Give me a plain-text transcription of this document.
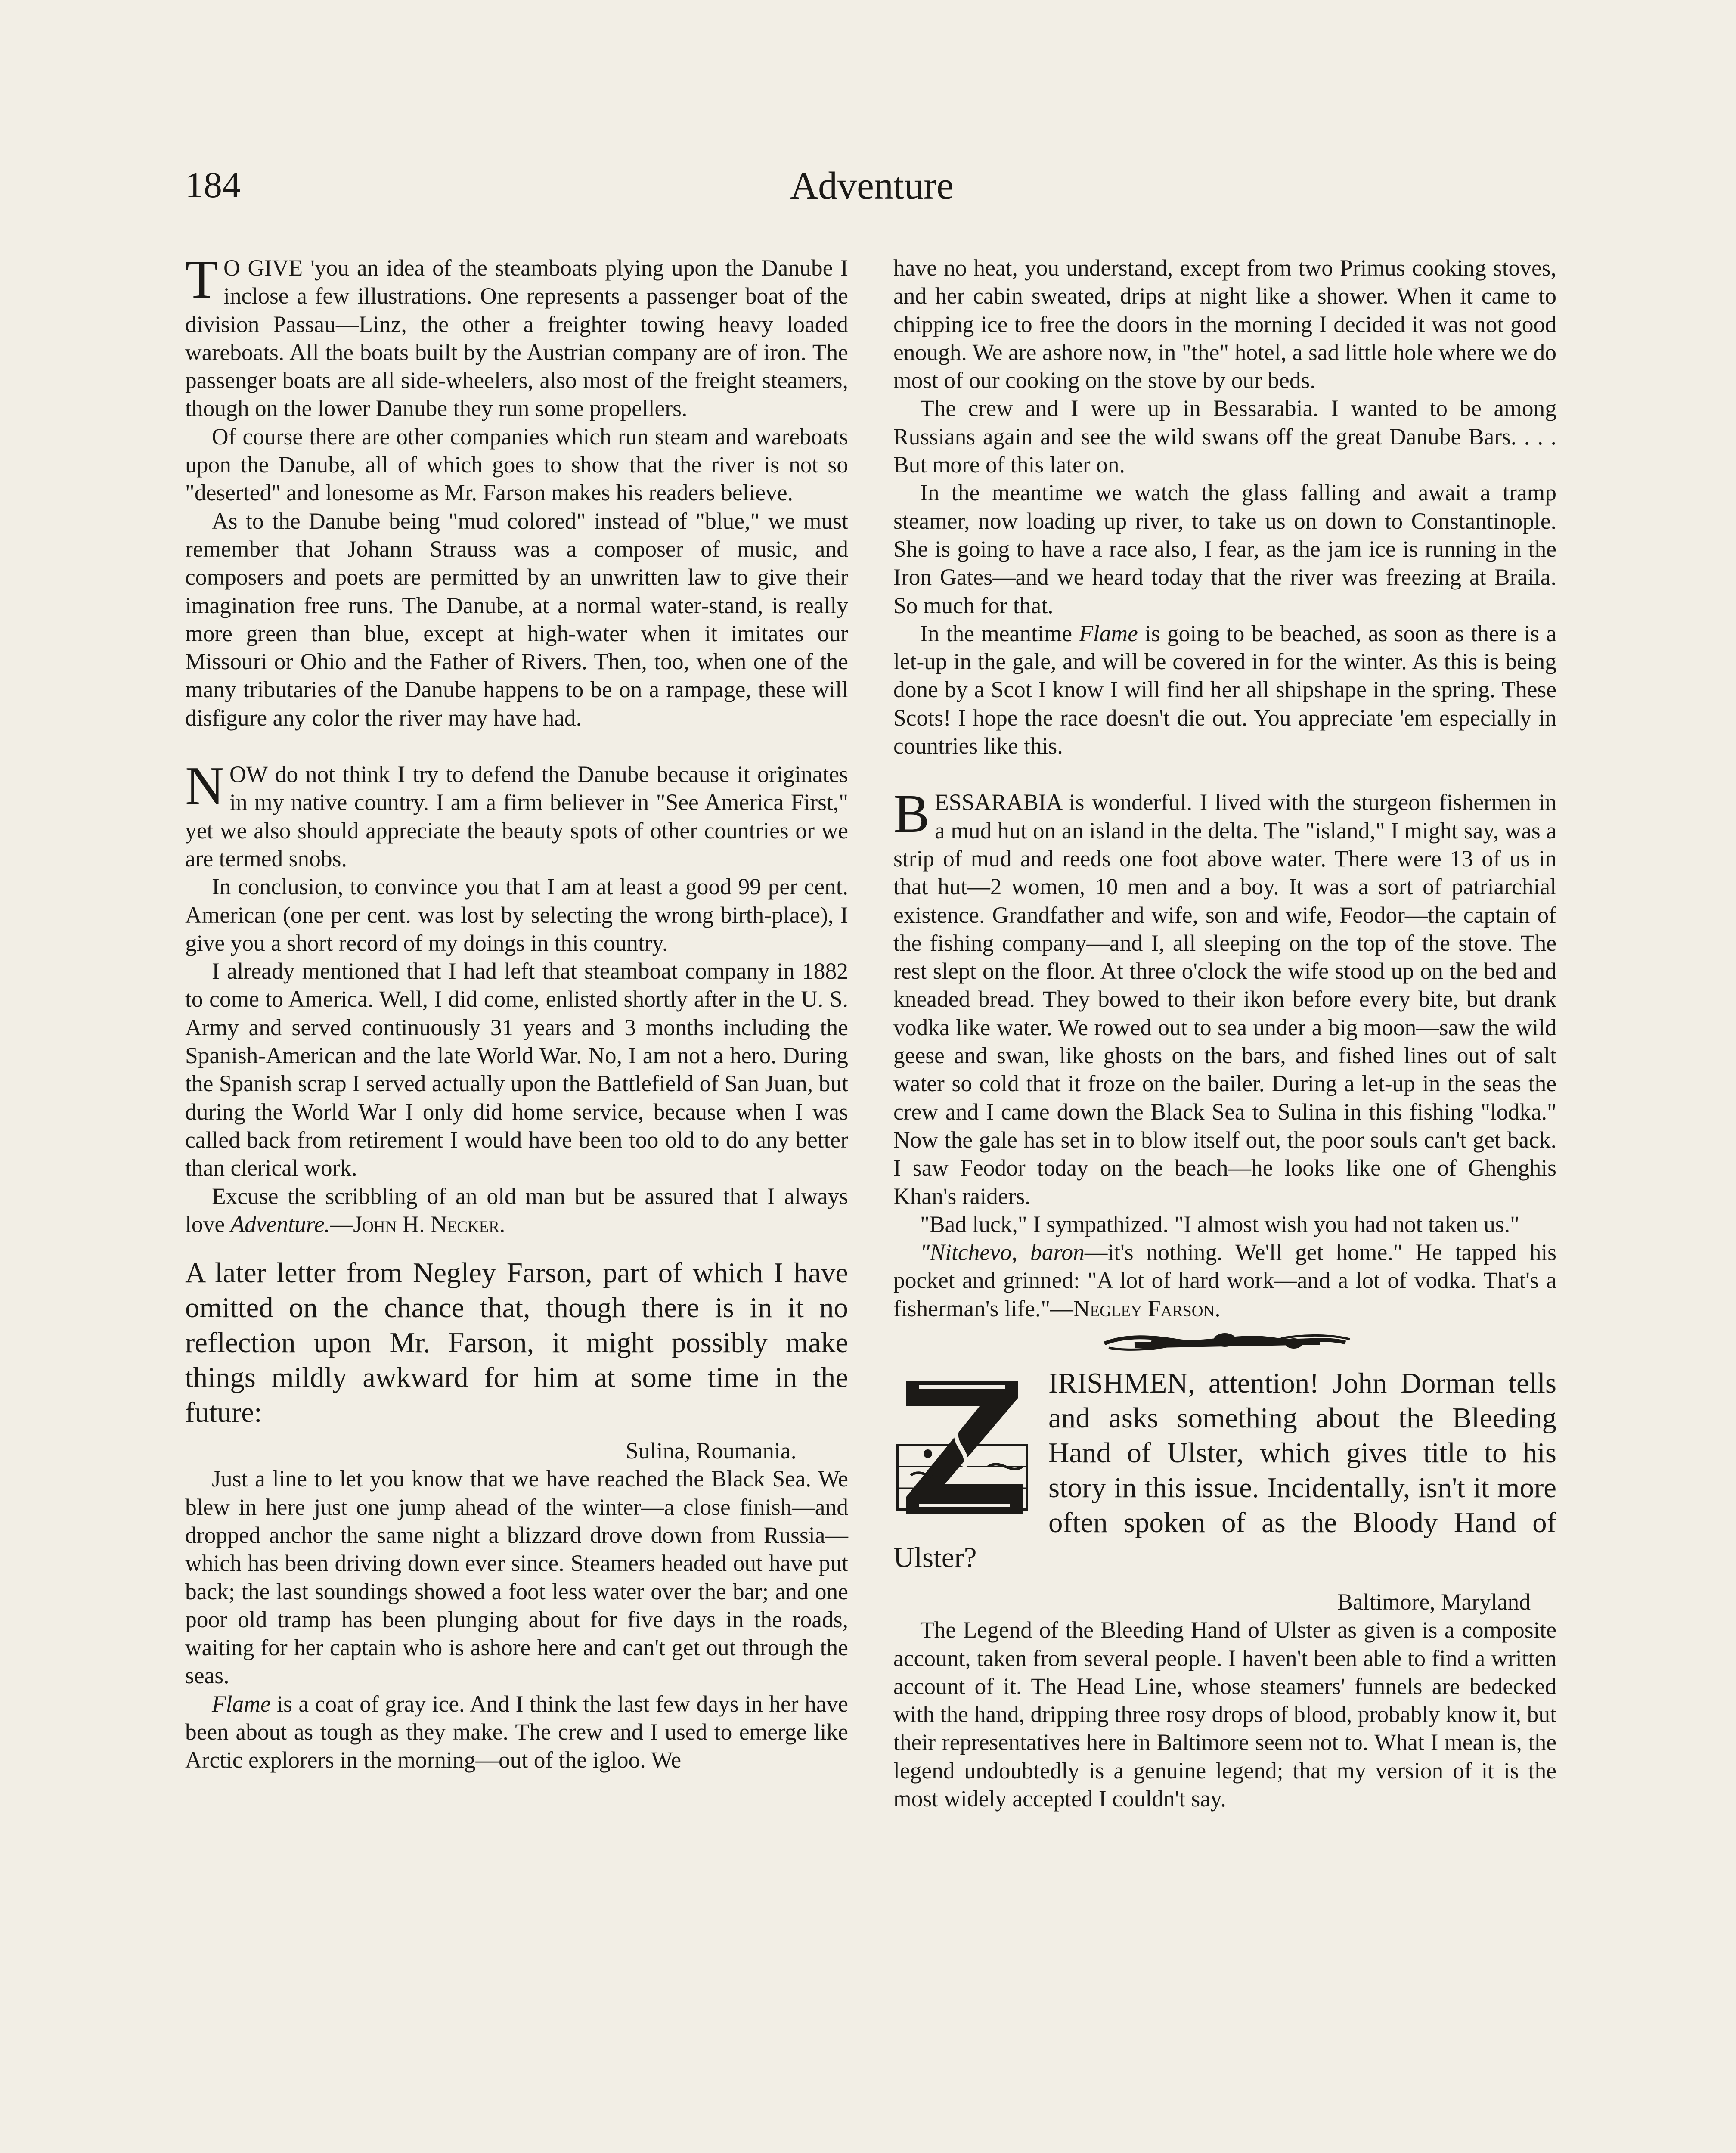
184	Adventure

T O GIVE 'you an idea of the steamboats plying upon the Danube I inclose a few illustrations. One represents a passenger boat of the division Passau—Linz, the other a freighter towing heavy loaded wareboats. All the boats built by the Austrian company are of iron. The passenger boats are all side-wheelers, also most of the freight steamers, though on the lower Danube they run some propellers.

Of course there are other companies which run steam and wareboats upon the Danube, all of which goes to show that the river is not so "deserted" and lonesome as Mr. Farson makes his readers believe.

As to the Danube being "mud colored" instead of "blue," we must remember that Johann Strauss was a composer of music, and composers and poets are permitted by an unwritten law to give their imagination free runs. The Danube, at a normal water-stand, is really more green than blue, except at high-water when it imitates our Missouri or Ohio and the Father of Rivers. Then, too, when one of the many tributaries of the Danube happens to be on a rampage, these will disfigure any color the river may have had.

NOW do not think I try to defend the Danube because it originates in my native country. I am a firm believer in "See America First," yet we also should appreciate the beauty spots of other countries or we are termed snobs.

In conclusion, to convince you that I am at least a good 99 per cent. American (one per cent. was lost by selecting the wrong birth-place), I give you a short record of my doings in this country.

I already mentioned that I had left that steamboat company in 1882 to come to America. Well, I did come, enlisted shortly after in the U. S. Army and served continuously 31 years and 3 months including the Spanish-American and the late World War. No, I am not a hero. During the Spanish scrap I served actually upon the Battlefield of San Juan, but during the World War I only did home service, because when I was called back from retirement I would have been too old to do any better than clerical work.

Excuse the scribbling of an old man but be assured that I always love Adventure.—John H. Necker.

A later letter from Negley Farson, part of which I have omitted on the chance that, though there is in it no reflection upon Mr. Farson, it might possibly make things mildly awkward for him at some time in the future:

Sulina, Roumania.

Just a line to let you know that we have reached the Black Sea. We blew in here just one jump ahead of the winter—a close finish—and dropped anchor the same night a blizzard drove down from Russia—which has been driving down ever since. Steamers headed out have put back; the last soundings showed a foot less water over the bar; and one poor old tramp has been plunging about for five days in the roads, waiting for her captain who is ashore here and can't get out through the seas.

Flame is a coat of gray ice. And I think the last few days in her have been about as tough as they make. The crew and I used to emerge like Arctic explorers in the morning—out of the igloo. We

have no heat, you understand, except from two Primus cooking stoves, and her cabin sweated, drips at night like a shower. When it came to chipping ice to free the doors in the morning I decided it was not good enough. We are ashore now, in "the" hotel, a sad little hole where we do most of our cooking on the stove by our beds.

The crew and I were up in Bessarabia. I wanted to be among Russians again and see the wild swans off the great Danube Bars. . . . But more of this later on.

In the meantime we watch the glass falling and await a tramp steamer, now loading up river, to take us on down to Constantinople. She is going to have a race also, I fear, as the jam ice is running in the Iron Gates—and we heard today that the river was freezing at Braila. So much for that.

In the meantime Flame is going to be beached, as soon as there is a let-up in the gale, and will be covered in for the winter. As this is being done by a Scot I know I will find her all shipshape in the spring. These Scots! I hope the race doesn't die out. You appreciate 'em especially in countries like this.

BESSARABIA is wonderful. I lived with the sturgeon fishermen in a mud hut on an island in the delta. The "island," I might say, was a strip of mud and reeds one foot above water. There were 13 of us in that hut—2 women, 10 men and a boy. It was a sort of patriarchial existence. Grandfather and wife, son and wife, Feodor—the captain of the fishing company—and I, all sleeping on the top of the stove. The rest slept on the floor. At three o'clock the wife stood up on the bed and kneaded bread. They bowed to their ikon before every bite, but drank vodka like water. We rowed out to sea under a big moon—saw the wild geese and swan, like ghosts on the bars, and fished lines out of salt water so cold that it froze on the bailer. During a let-up in the seas the crew and I came down the Black Sea to Sulina in this fishing "lodka." Now the gale has set in to blow itself out, the poor souls can't get back. I saw Feodor today on the beach—he looks like one of Ghenghis Khan's raiders.

"Bad luck," I sympathized. "I almost wish you had not taken us."

"Nitchevo, baron—it's nothing. We'll get home." He tapped his pocket and grinned: "A lot of hard work—and a lot of vodka. That's a fisherman's life."—Negley Farson.

IRISHMEN, attention! John Dorman tells and asks something about the Bleeding Hand of Ulster, which gives title to his story in this issue. Incidentally, isn't it more often spoken of as the Bloody Hand of Ulster?

Baltimore, Maryland

The Legend of the Bleeding Hand of Ulster as given is a composite account, taken from several people. I haven't been able to find a written account of it. The Head Line, whose steamers' funnels are bedecked with the hand, dripping three rosy drops of blood, probably know it, but their representatives here in Baltimore seem not to. What I mean is, the legend undoubtedly is a genuine legend; that my version of it is the most widely accepted I couldn't say.
